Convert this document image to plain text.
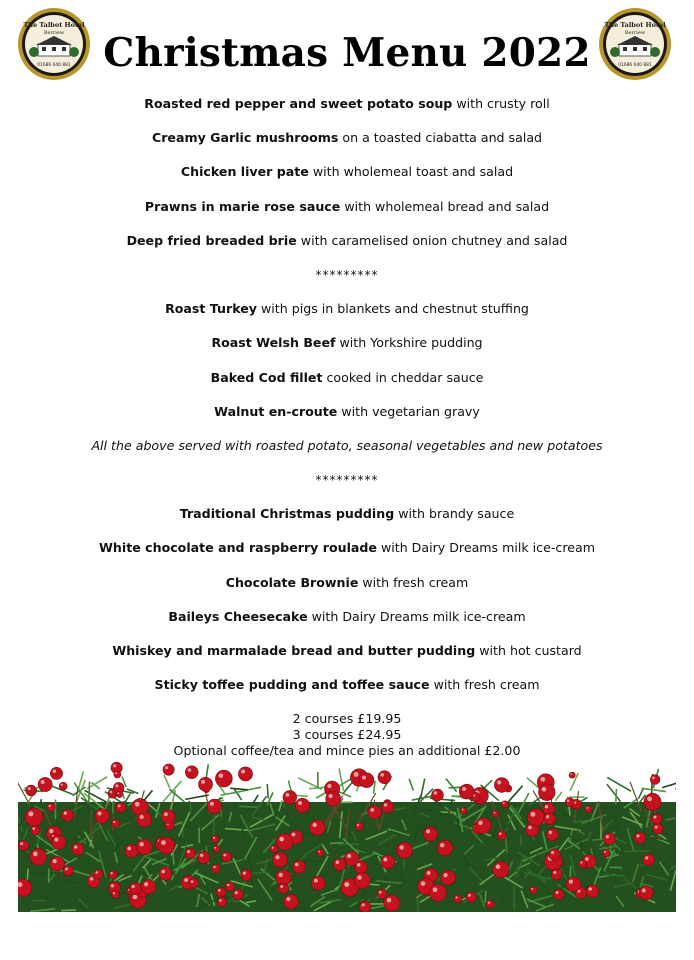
The Talbot Hotel
Berriew
01686 640 881
The Talbot Hotel
Berriew
01686 640 881
Christmas Menu 2022
Roasted red pepper and sweet potato soup with crusty roll
Creamy Garlic mushrooms on a toasted ciabatta and salad
Chicken liver pate with wholemeal toast and salad
Prawns in marie rose sauce with wholemeal bread and salad
Deep fried breaded brie with caramelised onion chutney and salad
*********
Roast Turkey with pigs in blankets and chestnut stuffing
Roast Welsh Beef with Yorkshire pudding
Baked Cod fillet cooked in cheddar sauce
Walnut en-croute with vegetarian gravy
All the above served with roasted potato, seasonal vegetables and new potatoes
*********
Traditional Christmas pudding with brandy sauce
White chocolate and raspberry roulade with Dairy Dreams milk ice-cream
Chocolate Brownie with fresh cream
Baileys Cheesecake with Dairy Dreams milk ice-cream
Whiskey and marmalade bread and butter pudding with hot custard
Sticky toffee pudding and toffee sauce with fresh cream
2 courses £19.95
3 courses £24.95
Optional coffee/tea and mince pies an additional £2.00
